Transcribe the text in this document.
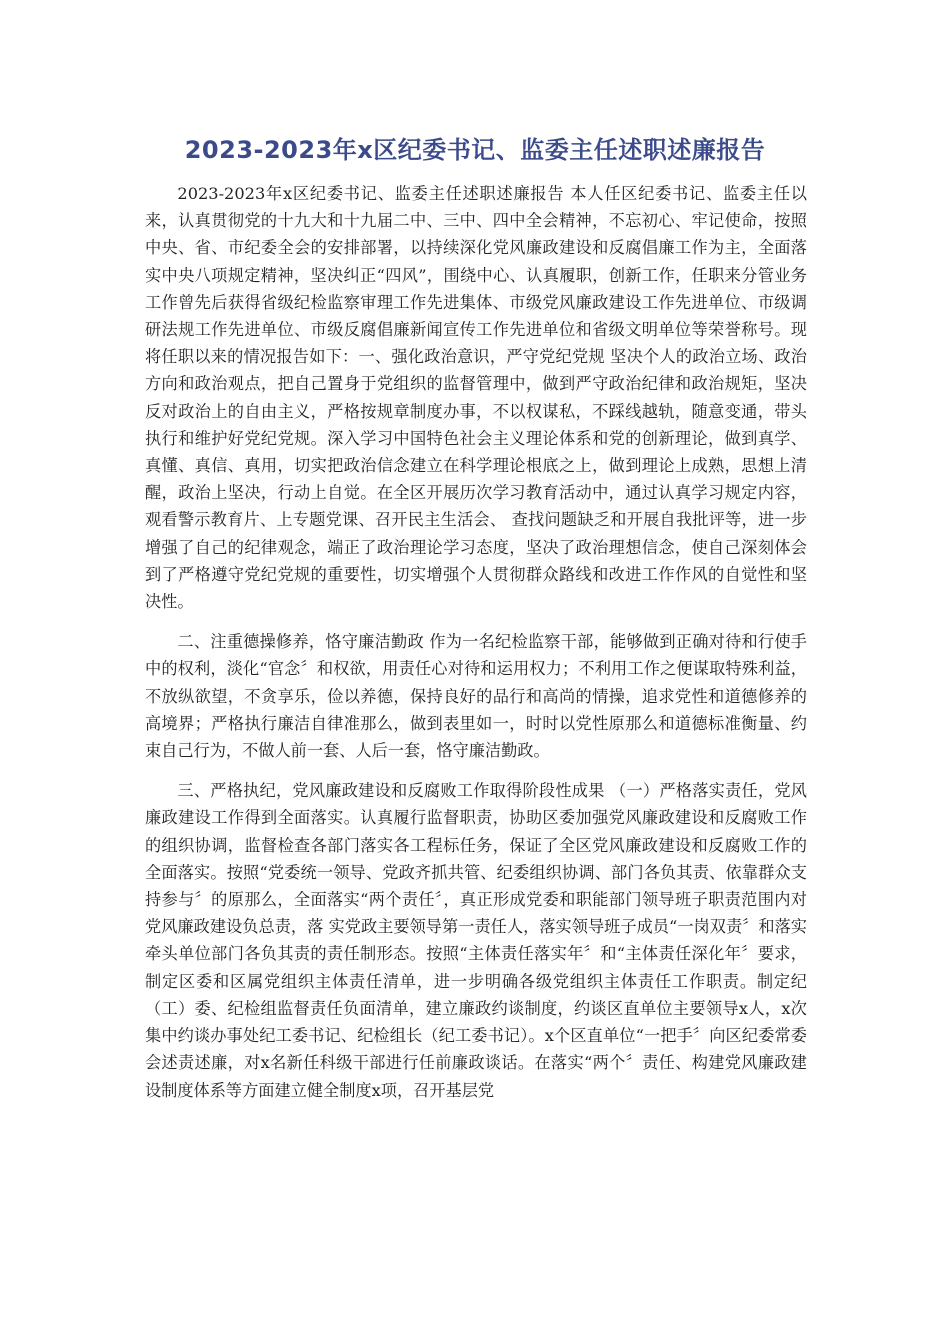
2023-2023年x区纪委书记、监委主任述职述廉报告

2023-2023年x区纪委书记、监委主任述职述廉报告 本人任区纪委书记、监委主任以来，认真贯彻党的十九大和十九届二中、三中、四中全会精神，不忘初心、牢记使命，按照中央、省、市纪委全会的安排部署，以持续深化党风廉政建设和反腐倡廉工作为主，全面落实中央八项规定精神，坚决纠正“四风”，围绕中心、认真履职，创新工作，任职来分管业务工作曾先后获得省级纪检监察审理工作先进集体、市级党风廉政建设工作先进单位、市级调研法规工作先进单位、市级反腐倡廉新闻宣传工作先进单位和省级文明单位等荣誉称号。现将任职以来的情况报告如下：一、强化政治意识，严守党纪党规 坚决个人的政治立场、政治方向和政治观点，把自己置身于党组织的监督管理中，做到严守政治纪律和政治规矩，坚决反对政治上的自由主义，严格按规章制度办事，不以权谋私，不踩线越轨，随意变通，带头执行和维护好党纪党规。深入学习中国特色社会主义理论体系和党的创新理论，做到真学、真懂、真信、真用，切实把政治信念建立在科学理论根底之上，做到理论上成熟，思想上清醒，政治上坚决，行动上自觉。在全区开展历次学习教育活动中，通过认真学习规定内容，观看警示教育片、上专题党课、召开民主生活会、 查找问题缺乏和开展自我批评等，进一步增强了自己的纪律观念，端正了政治理论学习态度，坚决了政治理想信念，使自己深刻体会到了严格遵守党纪党规的重要性，切实增强个人贯彻群众路线和改进工作作风的自觉性和坚决性。

二、注重德操修养，恪守廉洁勤政 作为一名纪检监察干部，能够做到正确对待和行使手中的权利，淡化“官念〞和权欲，用责任心对待和运用权力；不利用工作之便谋取特殊利益，不放纵欲望，不贪享乐，俭以养德，保持良好的品行和高尚的情操，追求党性和道德修养的高境界；严格执行廉洁自律准那么，做到表里如一，时时以党性原那么和道德标准衡量、约束自己行为，不做人前一套、人后一套，恪守廉洁勤政。

三、严格执纪，党风廉政建设和反腐败工作取得阶段性成果 （一）严格落实责任，党风廉政建设工作得到全面落实。认真履行监督职责，协助区委加强党风廉政建设和反腐败工作的组织协调，监督检查各部门落实各工程标任务，保证了全区党风廉政建设和反腐败工作的全面落实。按照“党委统一领导、党政齐抓共管、纪委组织协调、部门各负其责、依靠群众支持参与〞的原那么，全面落实“两个责任〞，真正形成党委和职能部门领导班子职责范围内对党风廉政建设负总责，落 实党政主要领导第一责任人，落实领导班子成员“一岗双责〞和落实牵头单位部门各负其责的责任制形态。按照“主体责任落实年〞和“主体责任深化年〞要求，制定区委和区属党组织主体责任清单，进一步明确各级党组织主体责任工作职责。制定纪（工）委、纪检组监督责任负面清单，建立廉政约谈制度，约谈区直单位主要领导x人，x次集中约谈办事处纪工委书记、纪检组长（纪工委书记）。x个区直单位“一把手〞向区纪委常委会述责述廉，对x名新任科级干部进行任前廉政谈话。在落实“两个〞责任、构建党风廉政建设制度体系等方面建立健全制度x项，召开基层党
